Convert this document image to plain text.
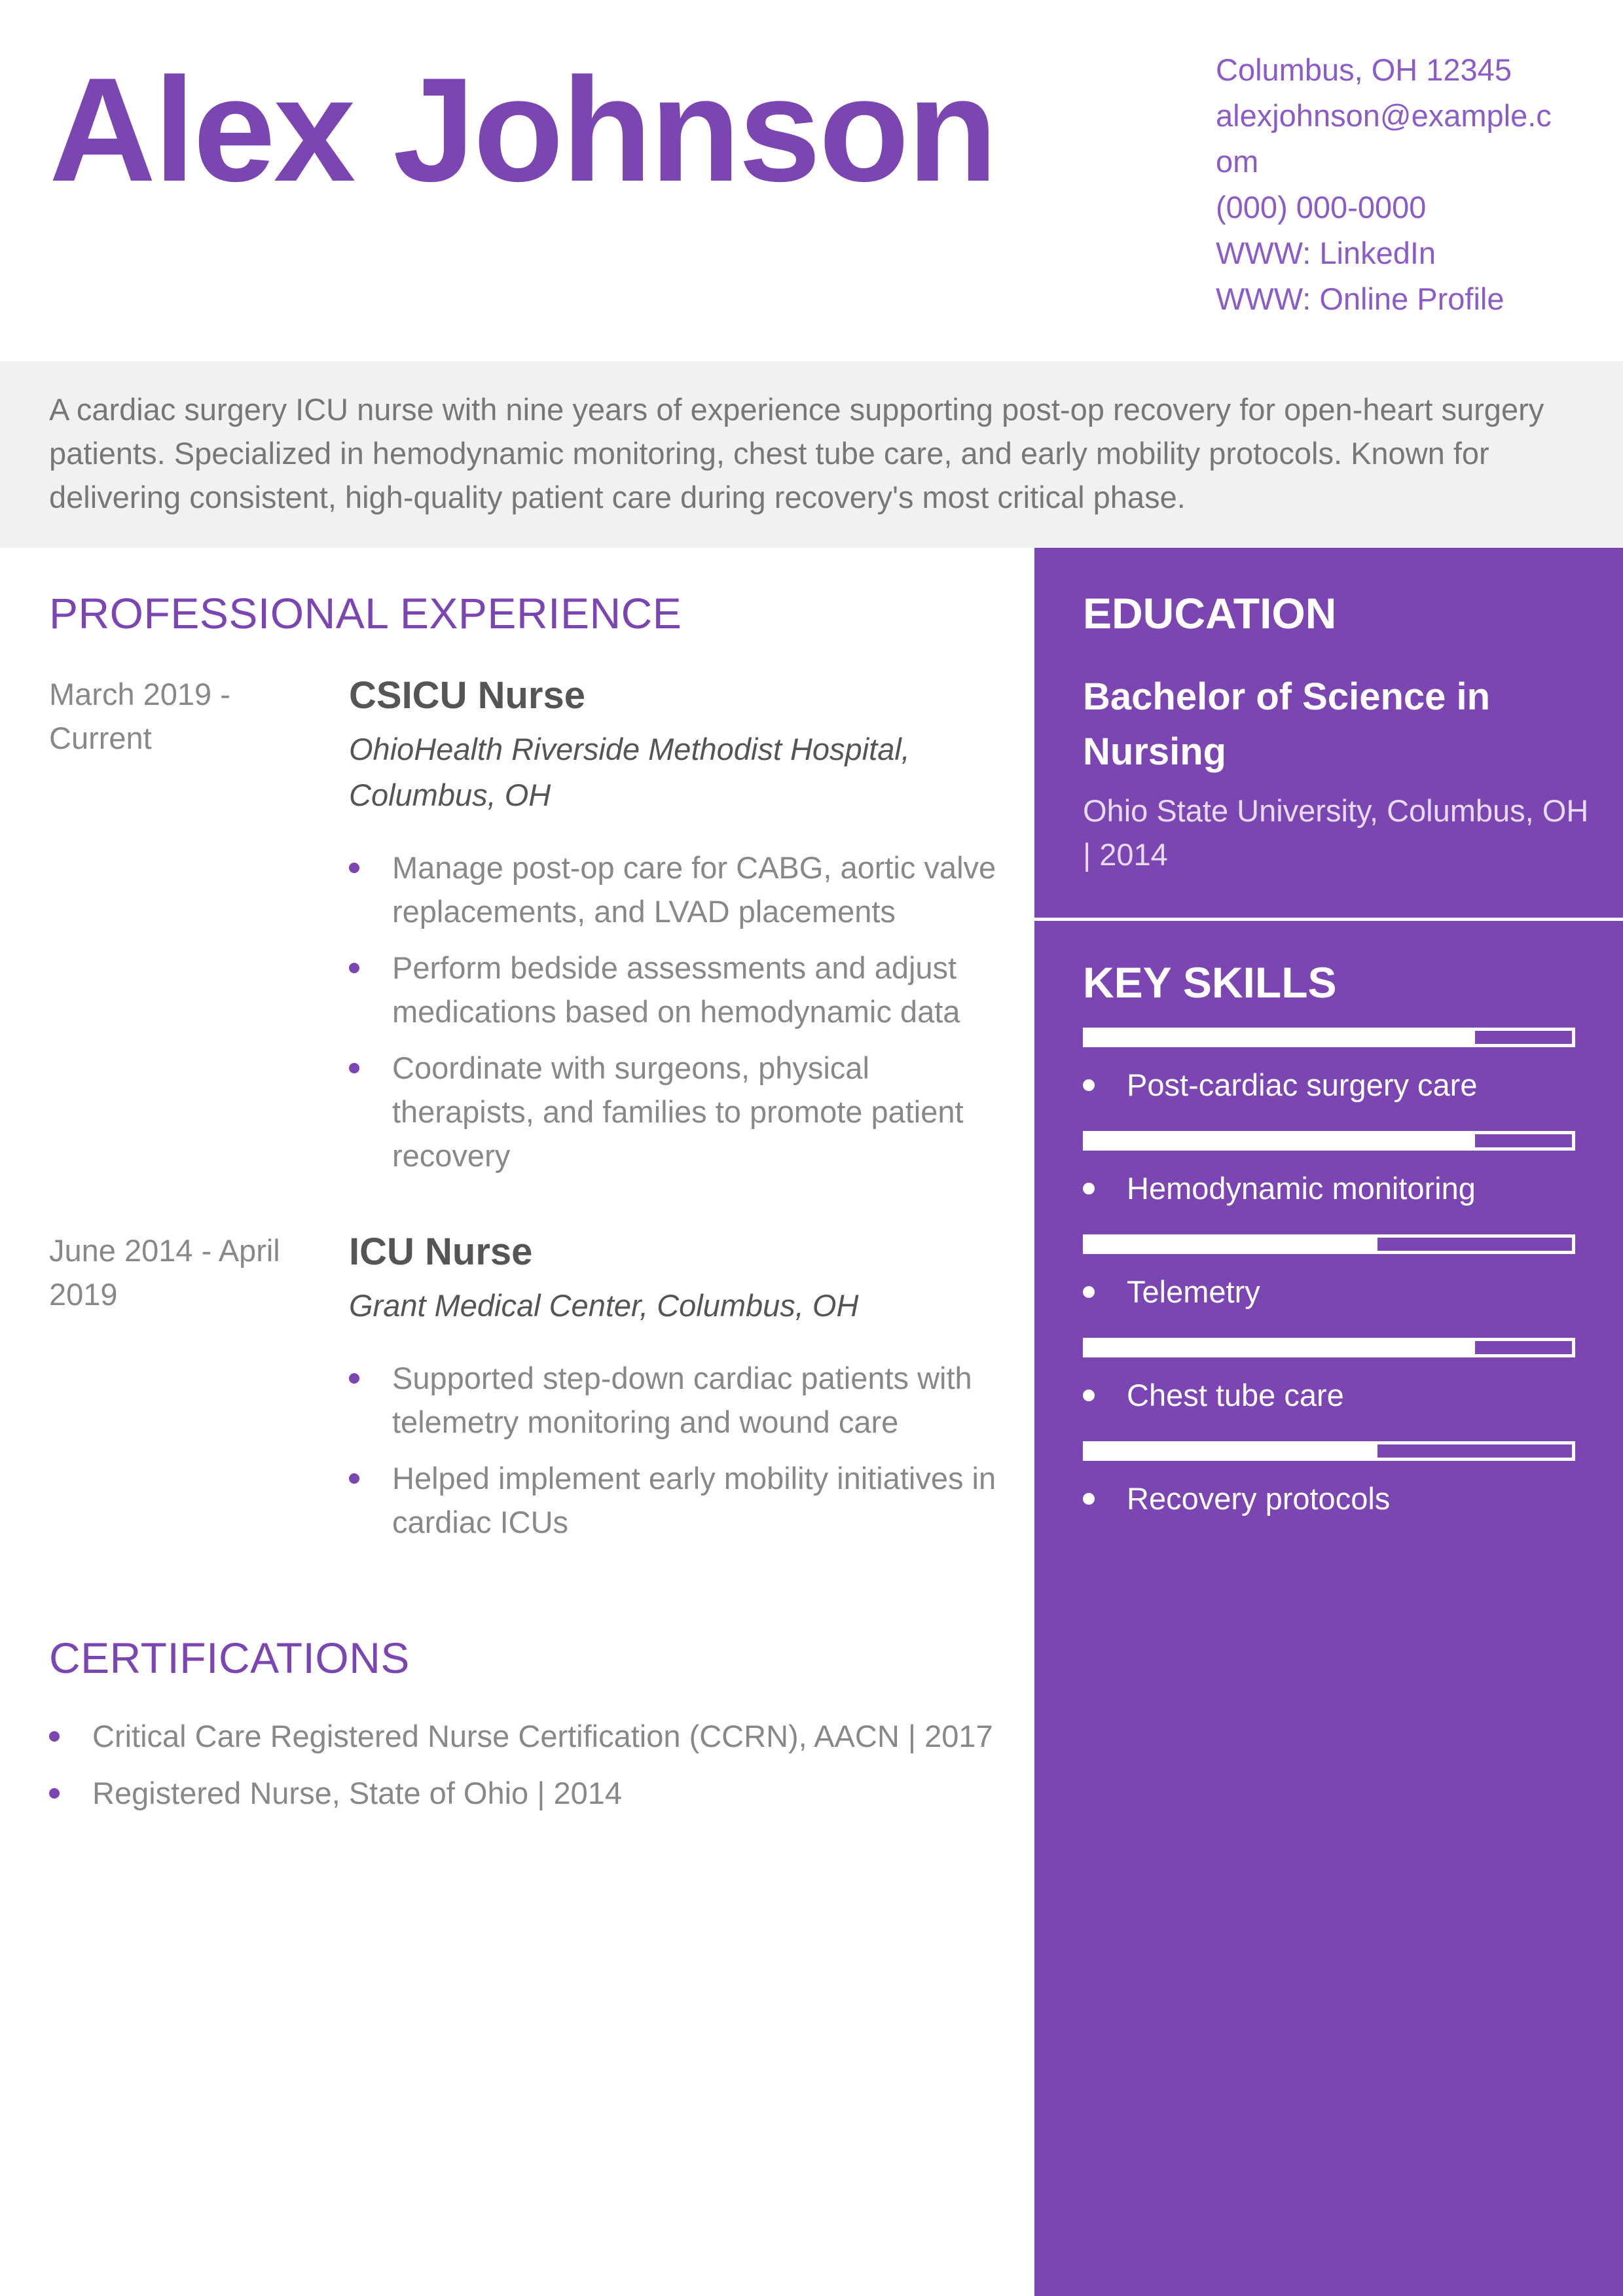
Alex Johnson	Columbus, OH 12345
alexjohnson@example.com
(000) 000-0000
WWW: LinkedIn
WWW: Online Profile

A cardiac surgery ICU nurse with nine years of experience supporting post-op recovery for open-heart surgery patients. Specialized in hemodynamic monitoring, chest tube care, and early mobility protocols. Known for delivering consistent, high-quality patient care during recovery's most critical phase.

PROFESSIONAL EXPERIENCE
March 2019 - Current
CSICU Nurse
OhioHealth Riverside Methodist Hospital, Columbus, OH
Manage post-op care for CABG, aortic valve replacements, and LVAD placements
Perform bedside assessments and adjust medications based on hemodynamic data
Coordinate with surgeons, physical therapists, and families to promote patient recovery
June 2014 - April 2019
ICU Nurse
Grant Medical Center, Columbus, OH
Supported step-down cardiac patients with telemetry monitoring and wound care
Helped implement early mobility initiatives in cardiac ICUs
CERTIFICATIONS
Critical Care Registered Nurse Certification (CCRN), AACN | 2017
Registered Nurse, State of Ohio | 2014
EDUCATION
Bachelor of Science in Nursing
Ohio State University, Columbus, OH | 2014
KEY SKILLS
Post-cardiac surgery care
Hemodynamic monitoring
Telemetry
Chest tube care
Recovery protocols
